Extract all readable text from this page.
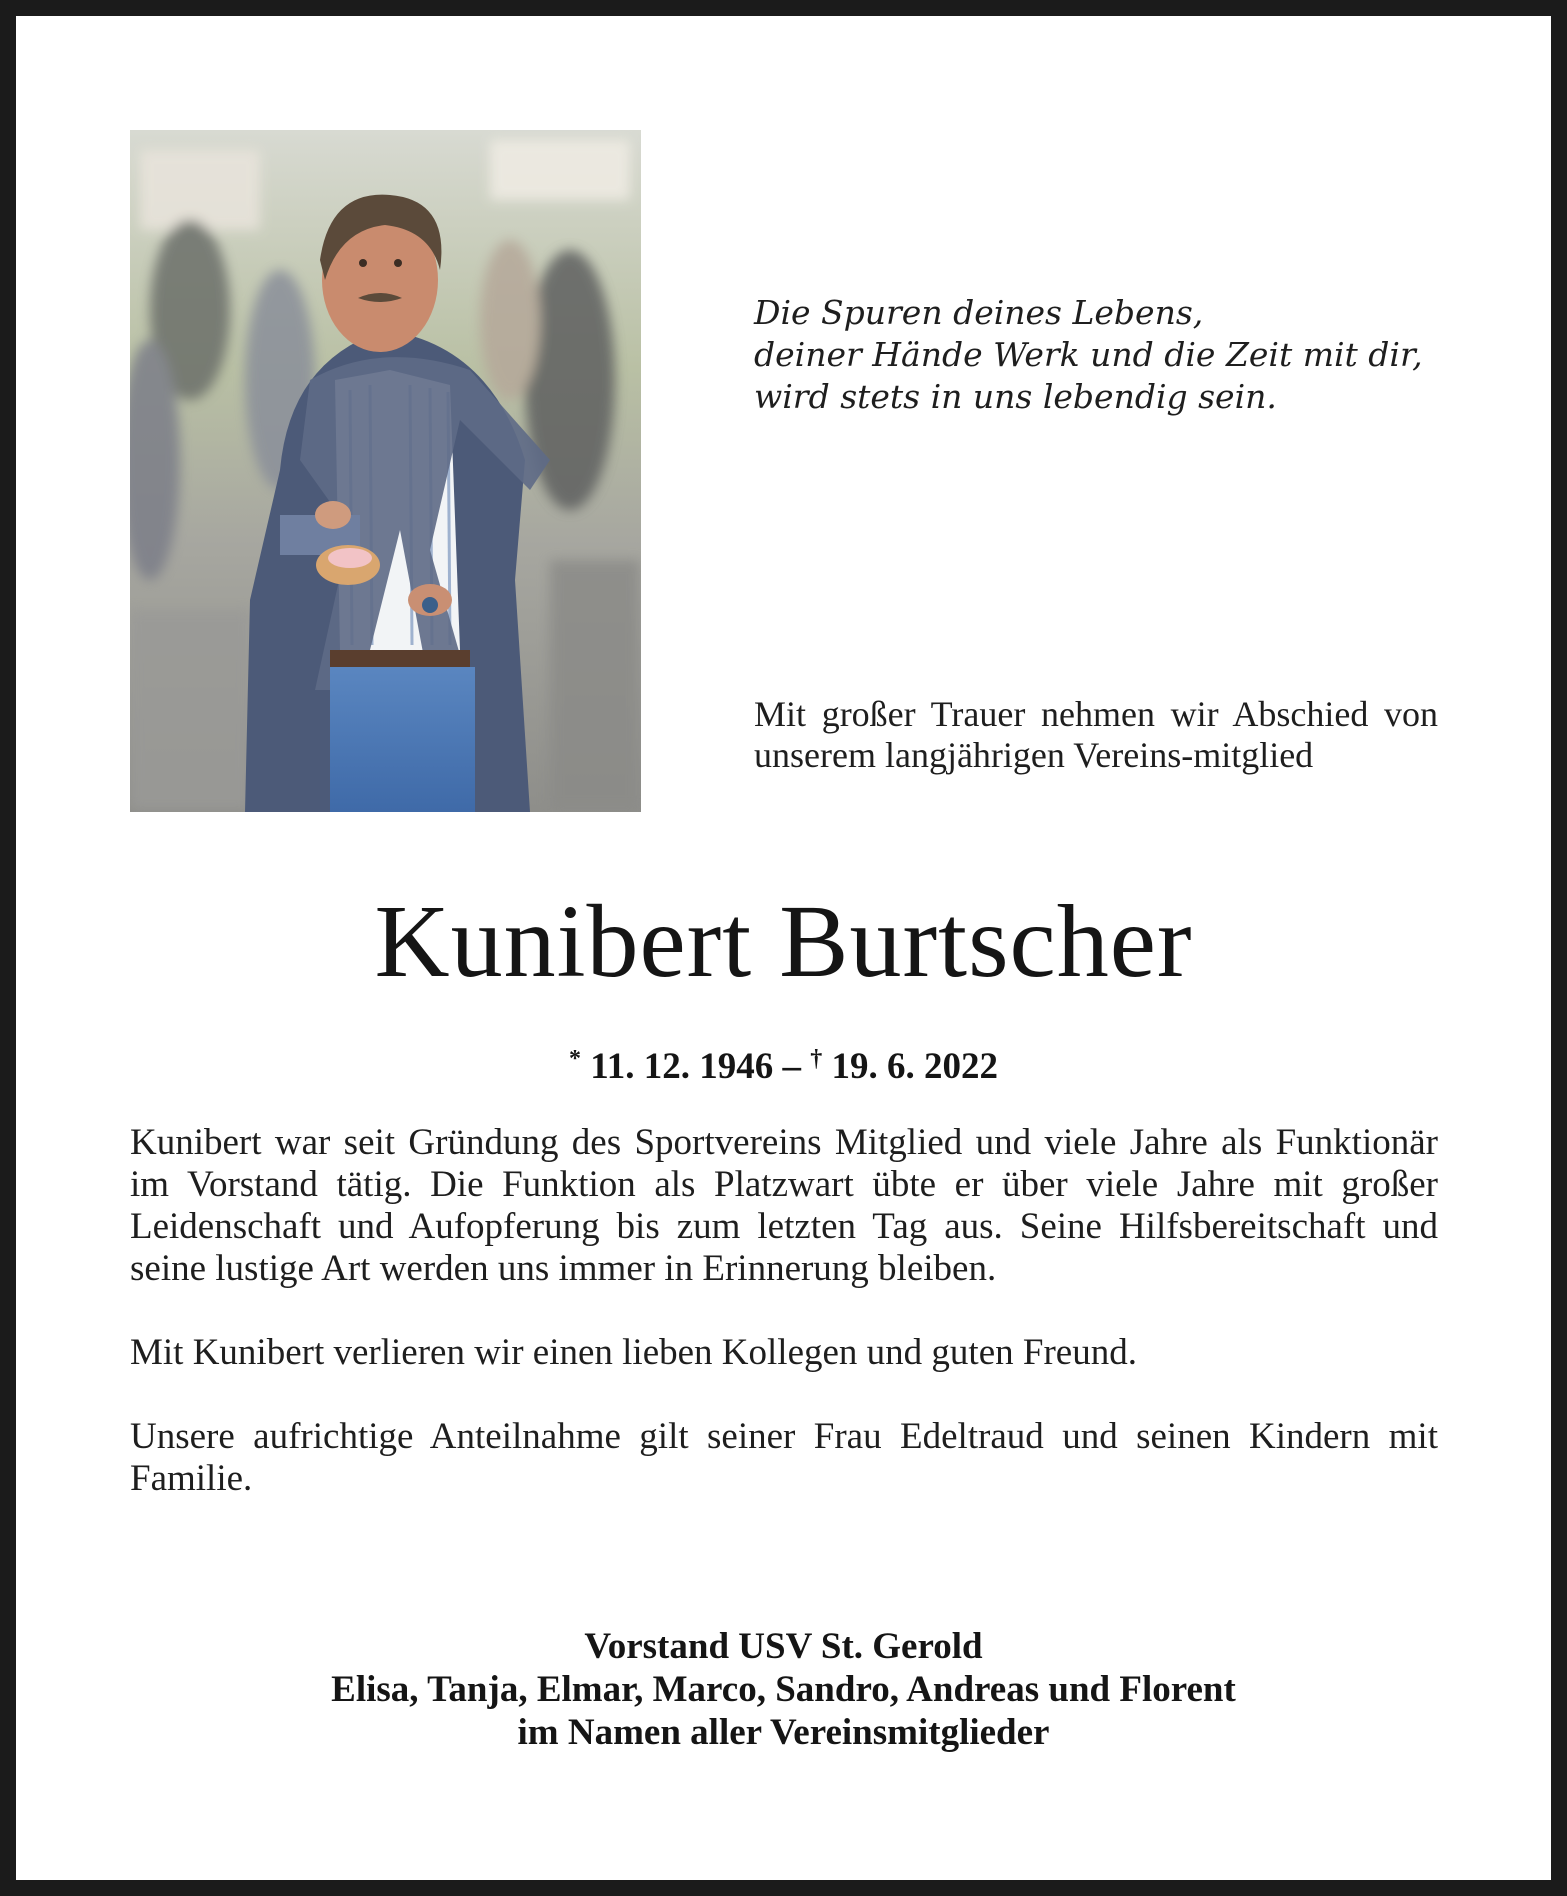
Die Spuren deines Lebens,
deiner Hände Werk und die Zeit mit dir,
wird stets in uns lebendig sein.
Mit großer Trauer nehmen wir Abschied von unserem langjährigen Vereins-mitglied
Kunibert Burtscher
* 11. 12. 1946 – † 19. 6. 2022

Kunibert war seit Gründung des Sportvereins Mitglied und viele Jahre als Funktionär im Vorstand tätig. Die Funktion als Platzwart übte er über viele Jahre mit großer Leidenschaft und Aufopferung bis zum letzten Tag aus. Seine Hilfsbereitschaft und seine lustige Art werden uns immer in Erinnerung bleiben.

Mit Kunibert verlieren wir einen lieben Kollegen und guten Freund.

Unsere aufrichtige Anteilnahme gilt seiner Frau Edeltraud und seinen Kindern mit Familie.

Vorstand USV St. Gerold
Elisa, Tanja, Elmar, Marco, Sandro, Andreas und Florent
im Namen aller Vereinsmitglieder
